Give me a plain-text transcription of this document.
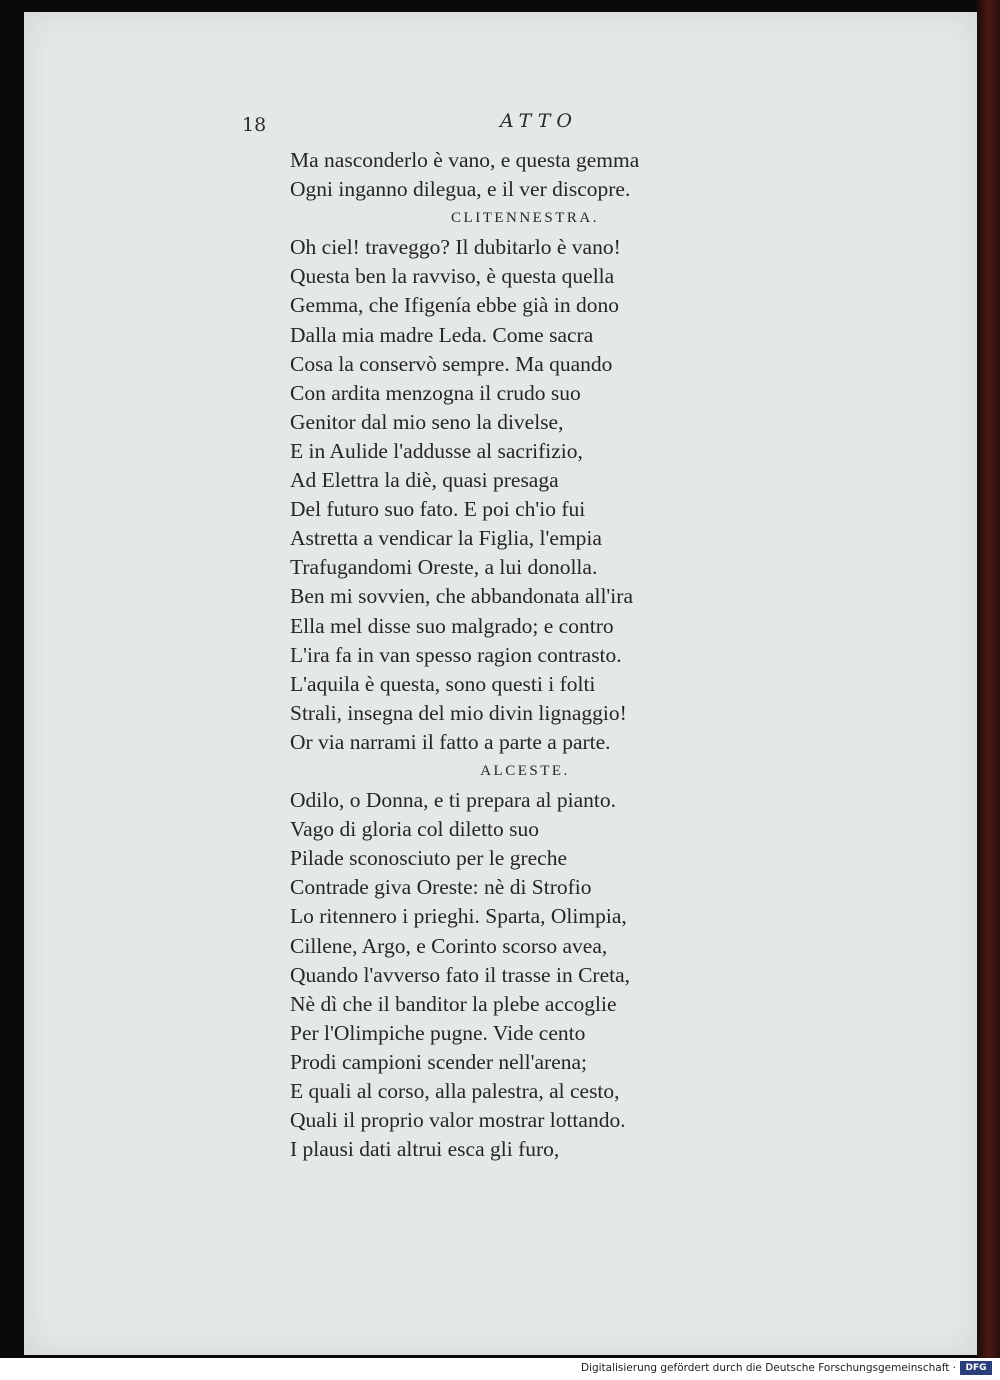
18	ATTO
Ma nasconderlo è vano, e questa gemma
Ogni inganno dilegua, e il ver discopre.
CLITENNESTRA.
Oh ciel! traveggo? Il dubitarlo è vano!
Questa ben la ravviso, è questa quella
Gemma, che Ifigenía ebbe già in dono
Dalla mia madre Leda. Come sacra
Cosa la conservò sempre. Ma quando
Con ardita menzogna il crudo suo
Genitor dal mio seno la divelse,
E in Aulide l'addusse al sacrifizio,
Ad Elettra la diè, quasi presaga
Del futuro suo fato. E poi ch'io fui
Astretta a vendicar la Figlia, l'empia
Trafugandomi Oreste, a lui donolla.
Ben mi sovvien, che abbandonata all'ira
Ella mel disse suo malgrado; e contro
L'ira fa in van spesso ragion contrasto.
L'aquila è questa, sono questi i folti
Strali, insegna del mio divin lignaggio!
Or via narrami il fatto a parte a parte.
ALCESTE.
Odilo, o Donna, e ti prepara al pianto.
Vago di gloria col diletto suo
Pilade sconosciuto per le greche
Contrade giva Oreste: nè di Strofio
Lo ritennero i prieghi. Sparta, Olimpia,
Cillene, Argo, e Corinto scorso avea,
Quando l'avverso fato il trasse in Creta,
Nè dì che il banditor la plebe accoglie
Per l'Olimpiche pugne. Vide cento
Prodi campioni scender nell'arena;
E quali al corso, alla palestra, al cesto,
Quali il proprio valor mostrar lottando.
I plausi dati altrui esca gli furo,
Digitalisierung gefördert durch die Deutsche Forschungsgemeinschaft ·	DFG
